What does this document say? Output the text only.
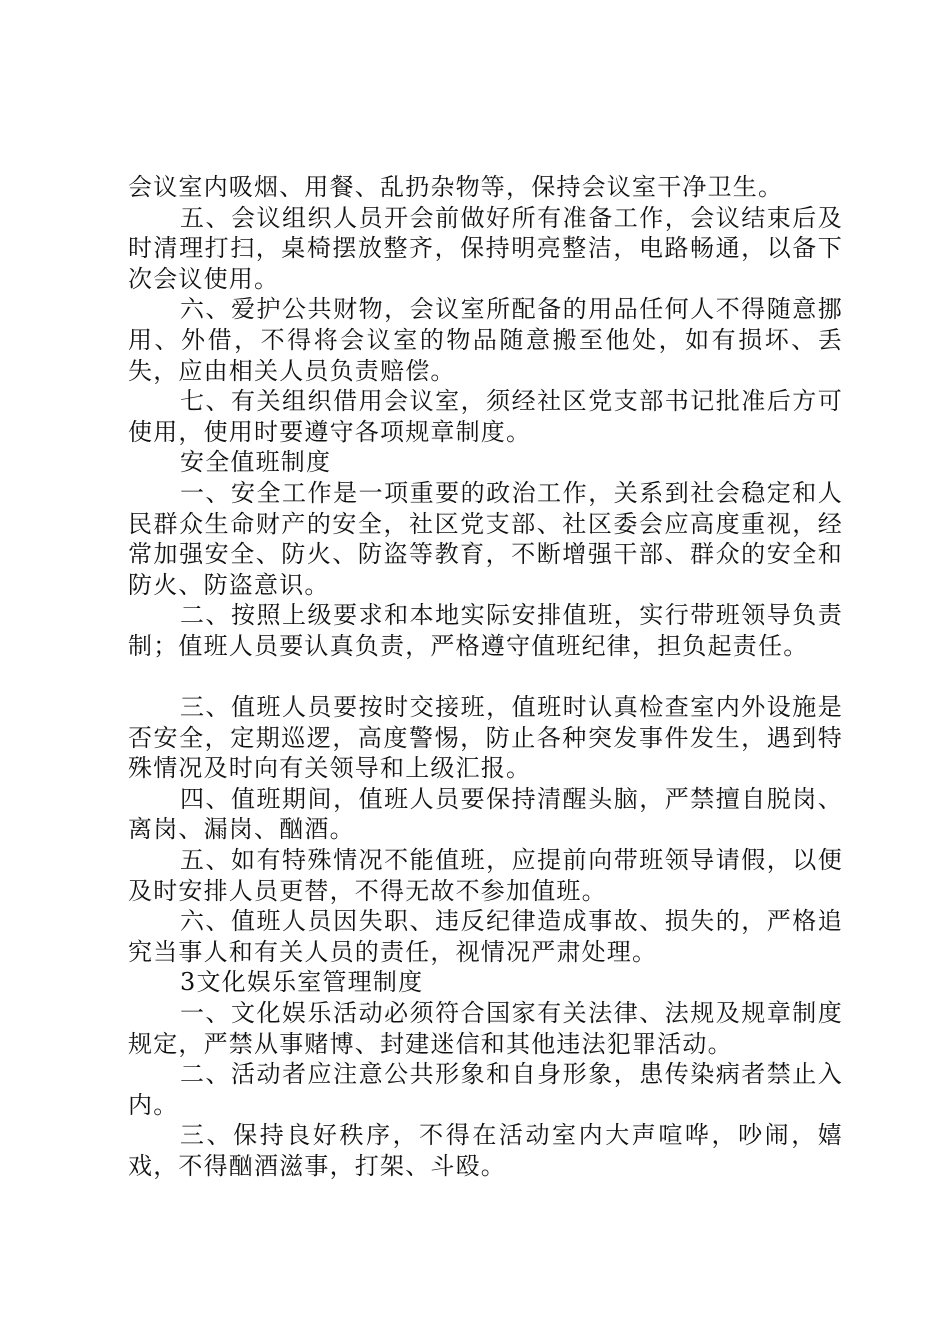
会议室内吸烟、用餐、乱扔杂物等，保持会议室干净卫生。

五、会议组织人员开会前做好所有准备工作，会议结束后及时清理打扫，桌椅摆放整齐，保持明亮整洁，电路畅通，以备下次会议使用。

六、爱护公共财物，会议室所配备的用品任何人不得随意挪用、外借，不得将会议室的物品随意搬至他处，如有损坏、丢失，应由相关人员负责赔偿。

七、有关组织借用会议室，须经社区党支部书记批准后方可使用，使用时要遵守各项规章制度。

安全值班制度

一、安全工作是一项重要的政治工作，关系到社会稳定和人民群众生命财产的安全，社区党支部、社区委会应高度重视，经常加强安全、防火、防盗等教育，不断增强干部、群众的安全和防火、防盗意识。

二、按照上级要求和本地实际安排值班，实行带班领导负责制；值班人员要认真负责，严格遵守值班纪律，担负起责任。

三、值班人员要按时交接班，值班时认真检查室内外设施是否安全，定期巡逻，高度警惕，防止各种突发事件发生，遇到特殊情况及时向有关领导和上级汇报。

四、值班期间，值班人员要保持清醒头脑，严禁擅自脱岗、离岗、漏岗、酗酒。

五、如有特殊情况不能值班，应提前向带班领导请假，以便及时安排人员更替，不得无故不参加值班。

六、值班人员因失职、违反纪律造成事故、损失的，严格追究当事人和有关人员的责任，视情况严肃处理。

3文化娱乐室管理制度

一、文化娱乐活动必须符合国家有关法律、法规及规章制度规定，严禁从事赌博、封建迷信和其他违法犯罪活动。

二、活动者应注意公共形象和自身形象，患传染病者禁止入内。

三、保持良好秩序，不得在活动室内大声喧哗，吵闹，嬉戏，不得酗酒滋事，打架、斗殴。
